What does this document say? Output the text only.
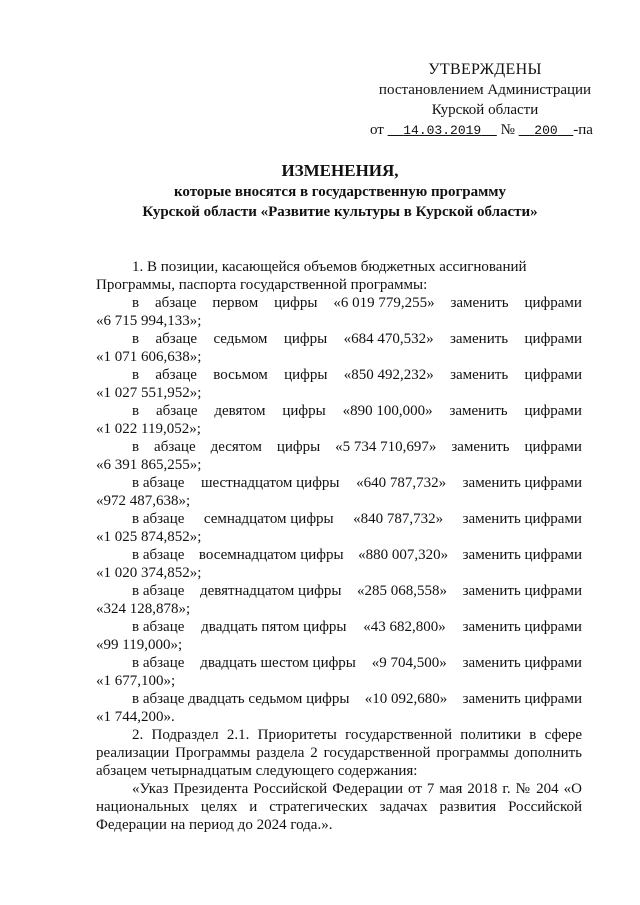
УТВЕРЖДЕНЫ
постановлением Администрации
Курской области
от 14.03.2019 № 200 -па
ИЗМЕНЕНИЯ,
которые вносятся в государственную программу
Курской области «Развитие культуры в Курской области»
1. В позиции, касающейся объемов бюджетных ассигнований
Программы, паспорта государственной программы:
в абзаце первом цифры «6 019 779,255» заменить цифрами
«6 715 994,133»;
в абзаце седьмом цифры «684 470,532» заменить цифрами
«1 071 606,638»;
в абзаце восьмом цифры «850 492,232» заменить цифрами
«1 027 551,952»;
в абзаце девятом цифры «890 100,000» заменить цифрами
«1 022 119,052»;
в абзаце десятом цифры «5 734 710,697» заменить цифрами
«6 391 865,255»;
в абзаце шестнадцатом цифры «640 787,732» заменить цифрами
«972 487,638»;
в абзаце семнадцатом цифры «840 787,732» заменить цифрами
«1 025 874,852»;
в абзаце восемнадцатом цифры «880 007,320» заменить цифрами
«1 020 374,852»;
в абзаце девятнадцатом цифры «285 068,558» заменить цифрами
«324 128,878»;
в абзаце двадцать пятом цифры «43 682,800» заменить цифрами
«99 119,000»;
в абзаце двадцать шестом цифры «9 704,500» заменить цифрами
«1 677,100»;
в абзаце двадцать седьмом цифры «10 092,680» заменить цифрами
«1 744,200».
2. Подраздел 2.1. Приоритеты государственной политики в сфере реализации Программы раздела 2 государственной программы дополнить абзацем четырнадцатым следующего содержания:
«Указ Президента Российской Федерации от 7 мая 2018 г. № 204 «О национальных целях и стратегических задачах развития Российской Федерации на период до 2024 года.».
